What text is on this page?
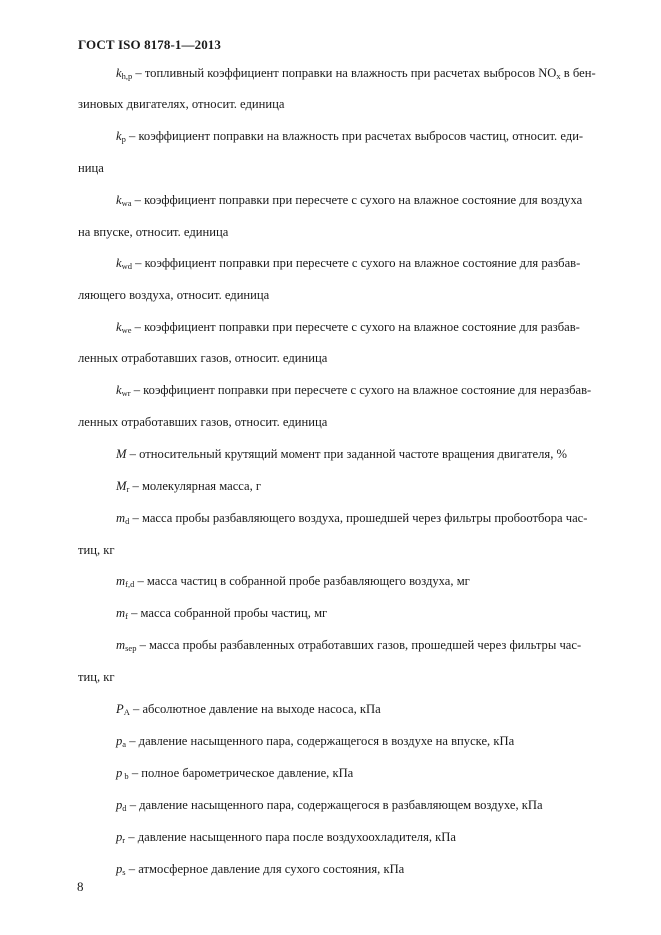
ГОСТ ISO 8178-1—2013
$k_{h,p}$ – топливный коэффициент поправки на влажность при расчетах выбросов $NO_x$ в бен-
зиновых двигателях, относит. единица
$k_p$ – коэффициент поправки на влажность при расчетах выбросов частиц, относит. еди-
ница
$k_{wa}$ – коэффициент поправки при пересчете с сухого на влажное состояние для воздуха
на впуске, относит. единица
$k_{wd}$ – коэффициент поправки при пересчете с сухого на влажное состояние для разбав-
ляющего воздуха, относит. единица
$k_{we}$ – коэффициент поправки при пересчете с сухого на влажное состояние для разбав-
ленных отработавших газов, относит. единица
$k_{wr}$ – коэффициент поправки при пересчете с сухого на влажное состояние для неразбав-
ленных отработавших газов, относит. единица
M – относительный крутящий момент при заданной частоте вращения двигателя, %
$M_r$ – молекулярная масса, г
$m_d$ – масса пробы разбавляющего воздуха, прошедшей через фильтры пробоотбора час-
тиц, кг
$m_{f,d}$ – масса частиц в собранной пробе разбавляющего воздуха, мг
$m_f$ – масса собранной пробы частиц, мг
$m_{sep}$ – масса пробы разбавленных отработавших газов, прошедшей через фильтры час-
тиц, кг
$P_A$ – абсолютное давление на выходе насоса, кПа
$p_a$ – давление насыщенного пара, содержащегося в воздухе на впуске, кПа
p $_b$ – полное барометрическое давление, кПа
$p_d$ – давление насыщенного пара, содержащегося в разбавляющем воздухе, кПа
$p_r$ – давление насыщенного пара после воздухоохладителя, кПа
$p_s$ – атмосферное давление для сухого состояния, кПа
8
